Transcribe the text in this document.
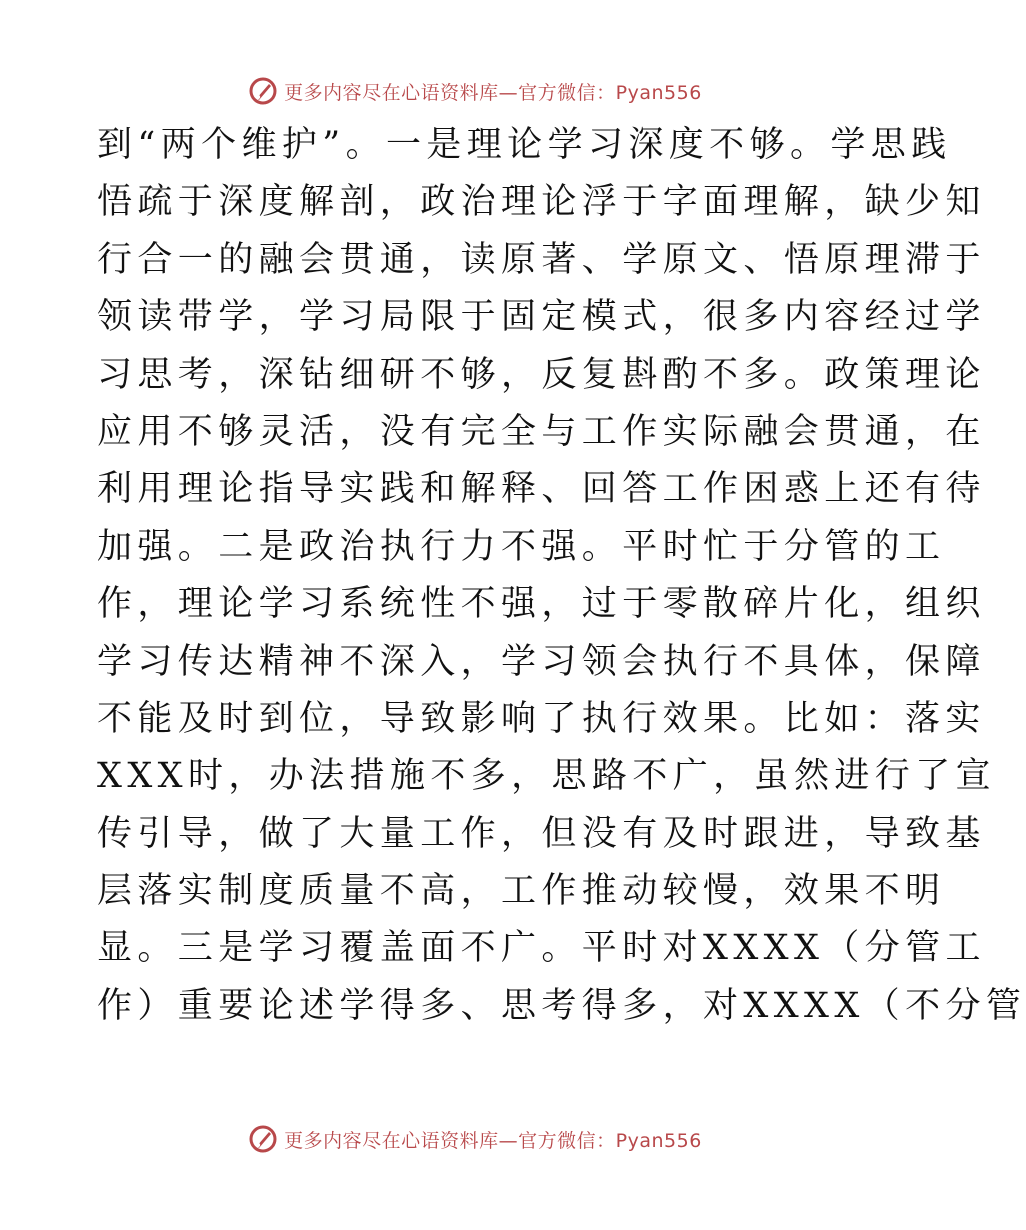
更多内容尽在心语资料库—官方微信：Pyan556
到“两个维护”。一是理论学习深度不够。学思践
悟疏于深度解剖，政治理论浮于字面理解，缺少知
行合一的融会贯通，读原著、学原文、悟原理滞于
领读带学，学习局限于固定模式，很多内容经过学
习思考，深钻细研不够，反复斟酌不多。政策理论
应用不够灵活，没有完全与工作实际融会贯通，在
利用理论指导实践和解释、回答工作困惑上还有待
加强。二是政治执行力不强。平时忙于分管的工
作，理论学习系统性不强，过于零散碎片化，组织
学习传达精神不深入，学习领会执行不具体，保障
不能及时到位，导致影响了执行效果。比如：落实
XXX时，办法措施不多，思路不广，虽然进行了宣
传引导，做了大量工作，但没有及时跟进，导致基
层落实制度质量不高，工作推动较慢，效果不明
显。三是学习覆盖面不广。平时对XXXX（分管工
作）重要论述学得多、思考得多，对XXXX（不分管
更多内容尽在心语资料库—官方微信：Pyan556
